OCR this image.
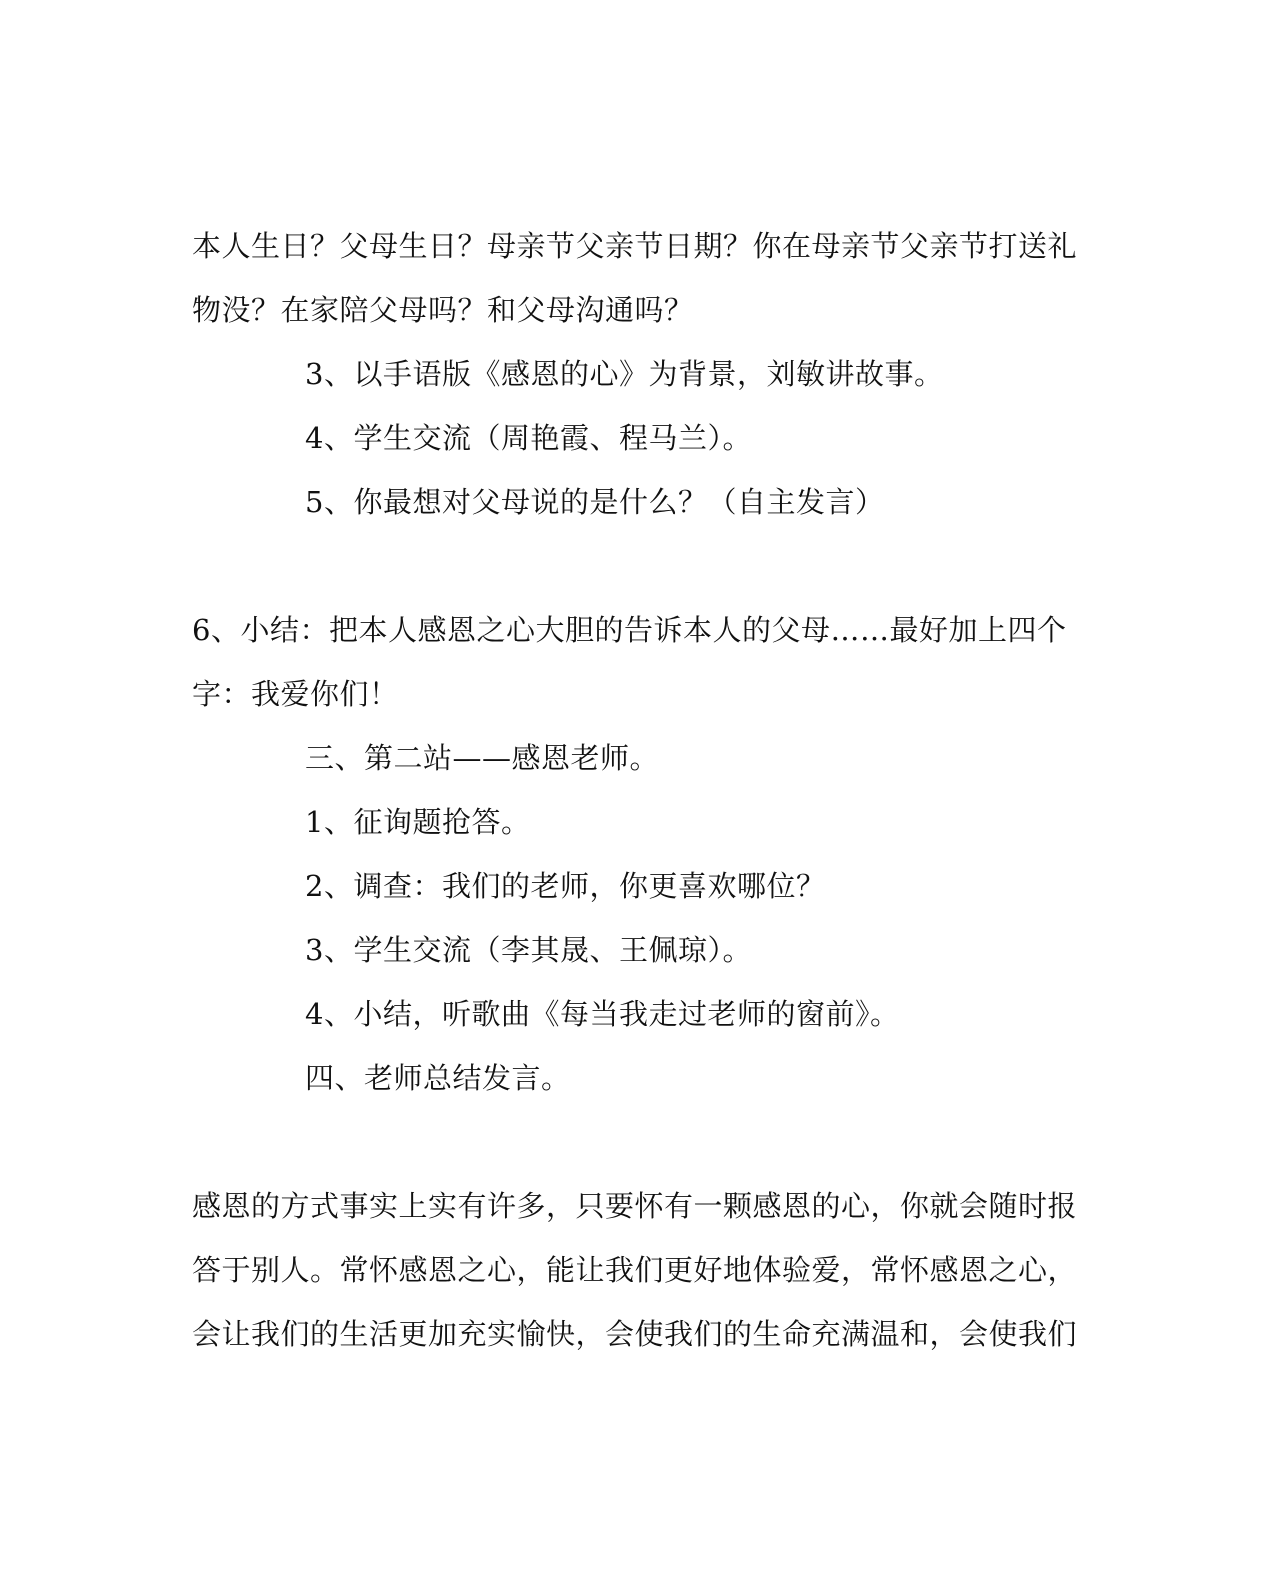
本人生日？父母生日？母亲节父亲节日期？你在母亲节父亲节打送礼
物没？在家陪父母吗？和父母沟通吗？
3、以手语版《感恩的心》为背景，刘敏讲故事。
4、学生交流（周艳霞、程马兰）。
5、你最想对父母说的是什么？（自主发言）
6、小结：把本人感恩之心大胆的告诉本人的父母……最好加上四个
字：我爱你们！
三、第二站——感恩老师。
1、征询题抢答。
2、调查：我们的老师，你更喜欢哪位？
3、学生交流（李其晟、王佩琼）。
4、小结，听歌曲《每当我走过老师的窗前》。
四、老师总结发言。
感恩的方式事实上实有许多，只要怀有一颗感恩的心，你就会随时报
答于别人。常怀感恩之心，能让我们更好地体验爱，常怀感恩之心，
会让我们的生活更加充实愉快，会使我们的生命充满温和，会使我们
